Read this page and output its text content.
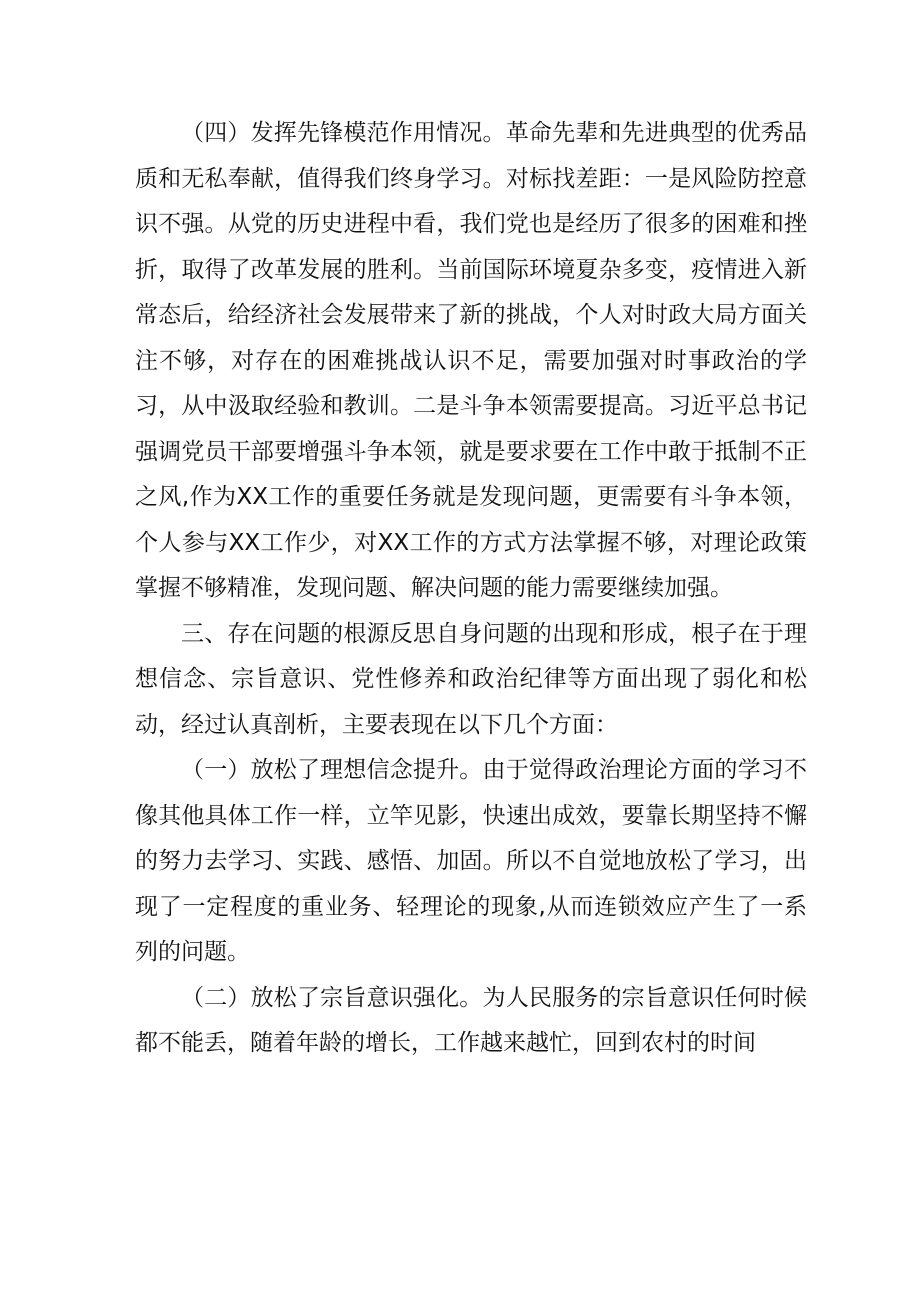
（四）发挥先锋模范作用情况。革命先辈和先进典型的优秀品质和无私奉献，值得我们终身学习。对标找差距：一是风险防控意识不强。从党的历史进程中看，我们党也是经历了很多的困难和挫折，取得了改革发展的胜利。当前国际环境夏杂多变，疫情进入新常态后，给经济社会发展带来了新的挑战，个人对时政大局方面关注不够，对存在的困难挑战认识不足，需要加强对时事政治的学习，从中汲取经验和教训。二是斗争本领需要提高。习近平总书记强调党员干部要增强斗争本领，就是要求要在工作中敢于抵制不正之风,作为XX工作的重要任务就是发现问题，更需要有斗争本领，个人参与XX工作少，对XX工作的方式方法掌握不够，对理论政策掌握不够精准，发现问题、解决问题的能力需要继续加强。

三、存在问题的根源反思自身问题的出现和形成，根子在于理想信念、宗旨意识、党性修养和政治纪律等方面出现了弱化和松动，经过认真剖析，主要表现在以下几个方面：

（一）放松了理想信念提升。由于觉得政治理论方面的学习不像其他具体工作一样，立竿见影，快速出成效，要靠长期坚持不懈的努力去学习、实践、感悟、加固。所以不自觉地放松了学习，出现了一定程度的重业务、轻理论的现象,从而连锁效应产生了一系列的问题。

（二）放松了宗旨意识强化。为人民服务的宗旨意识任何时候都不能丢，随着年龄的增长，工作越来越忙，回到农村的时间
